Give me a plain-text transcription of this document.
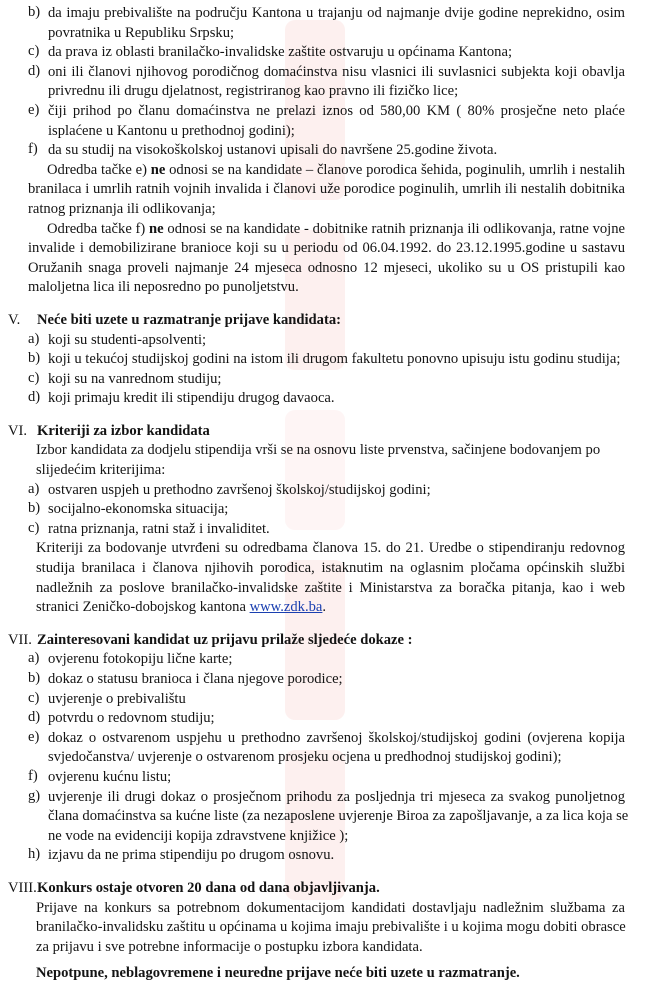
b) da imaju prebivalište na području Kantona u trajanju od najmanje dvije godine neprekidno, osim
povratnika u Republiku Srpsku;
c) da prava iz oblasti branilačko-invalidske zaštite ostvaruju u općinama Kantona;
d) oni ili članovi njihovog porodičnog domaćinstva nisu vlasnici ili suvlasnici subjekta koji obavlja
privrednu ili drugu djelatnost, registriranog kao pravno ili fizičko lice;
e) čiji prihod po članu domaćinstva ne prelazi iznos od 580,00 KM ( 80% prosječne neto plaće
isplaćene u Kantonu u prethodnoj godini);
f) da su studij na visokoškolskoj ustanovi upisali do navršene 25.godine života.
Odredba tačke e) ne odnosi se na kandidate – članove porodica šehida, poginulih, umrlih i nestalih
branilaca i umrlih ratnih vojnih invalida i članovi uže porodice poginulih, umrlih ili nestalih dobitnika
ratnog priznanja ili odlikovanja;
Odredba tačke f) ne odnosi se na kandidate - dobitnike ratnih priznanja ili odlikovanja, ratne vojne
invalide i demobilizirane branioce koji su u periodu od 06.04.1992. do 23.12.1995.godine u sastavu
Oružanih snaga proveli najmanje 24 mjeseca odnosno 12 mjeseci, ukoliko su u OS pristupili kao
maloljetna lica ili neposredno po punoljetstvu.
V. Neće biti uzete u razmatranje prijave kandidata:
a) koji su studenti-apsolventi;
b) koji u tekućoj studijskoj godini na istom ili drugom fakultetu ponovno upisuju istu godinu studija;
c) koji su na vanrednom studiju;
d) koji primaju kredit ili stipendiju drugog davaoca.
VI. Kriteriji za izbor kandidata
Izbor kandidata za dodjelu stipendija vrši se na osnovu liste prvenstva, sačinjene bodovanjem po
slijedećim kriterijima:
a) ostvaren uspjeh u prethodno završenoj školskoj/studijskoj godini;
b) socijalno-ekonomska situacija;
c) ratna priznanja, ratni staž i invaliditet.
Kriteriji za bodovanje utvrđeni su odredbama članova 15. do 21. Uredbe o stipendiranju redovnog
studija branilaca i članova njihovih porodica, istaknutim na oglasnim pločama općinskih službi
nadležnih za poslove branilačko-invalidske zaštite i Ministarstva za boračka pitanja, kao i web
stranici Zeničko-dobojskog kantona www.zdk.ba.
VII. Zainteresovani kandidat uz prijavu prilaže sljedeće dokaze :
a) ovjerenu fotokopiju lične karte;
b) dokaz o statusu branioca i člana njegove porodice;
c) uvjerenje o prebivalištu
d) potvrdu o redovnom studiju;
e) dokaz o ostvarenom uspjehu u prethodno završenoj školskoj/studijskoj godini (ovjerena kopija
svjedočanstva/ uvjerenje o ostvarenom prosjeku ocjena u predhodnoj studijskoj godini);
f) ovjerenu kućnu listu;
g) uvjerenje ili drugi dokaz o prosječnom prihodu za posljednja tri mjeseca za svakog punoljetnog
člana domaćinstva sa kućne liste (za nezaposlene uvjerenje Biroa za zapošljavanje, a za lica koja se
ne vode na evidenciji kopija zdravstvene knjižice );
h) izjavu da ne prima stipendiju po drugom osnovu.
VIII. Konkurs ostaje otvoren 20 dana od dana objavljivanja.
Prijave na konkurs sa potrebnom dokumentacijom kandidati dostavljaju nadležnim službama za
branilačko-invalidsku zaštitu u općinama u kojima imaju prebivalište i u kojima mogu dobiti obrasce
za prijavu i sve potrebne informacije o postupku izbora kandidata.
Nepotpune, neblagovremene i neuredne prijave neće biti uzete u razmatranje.
